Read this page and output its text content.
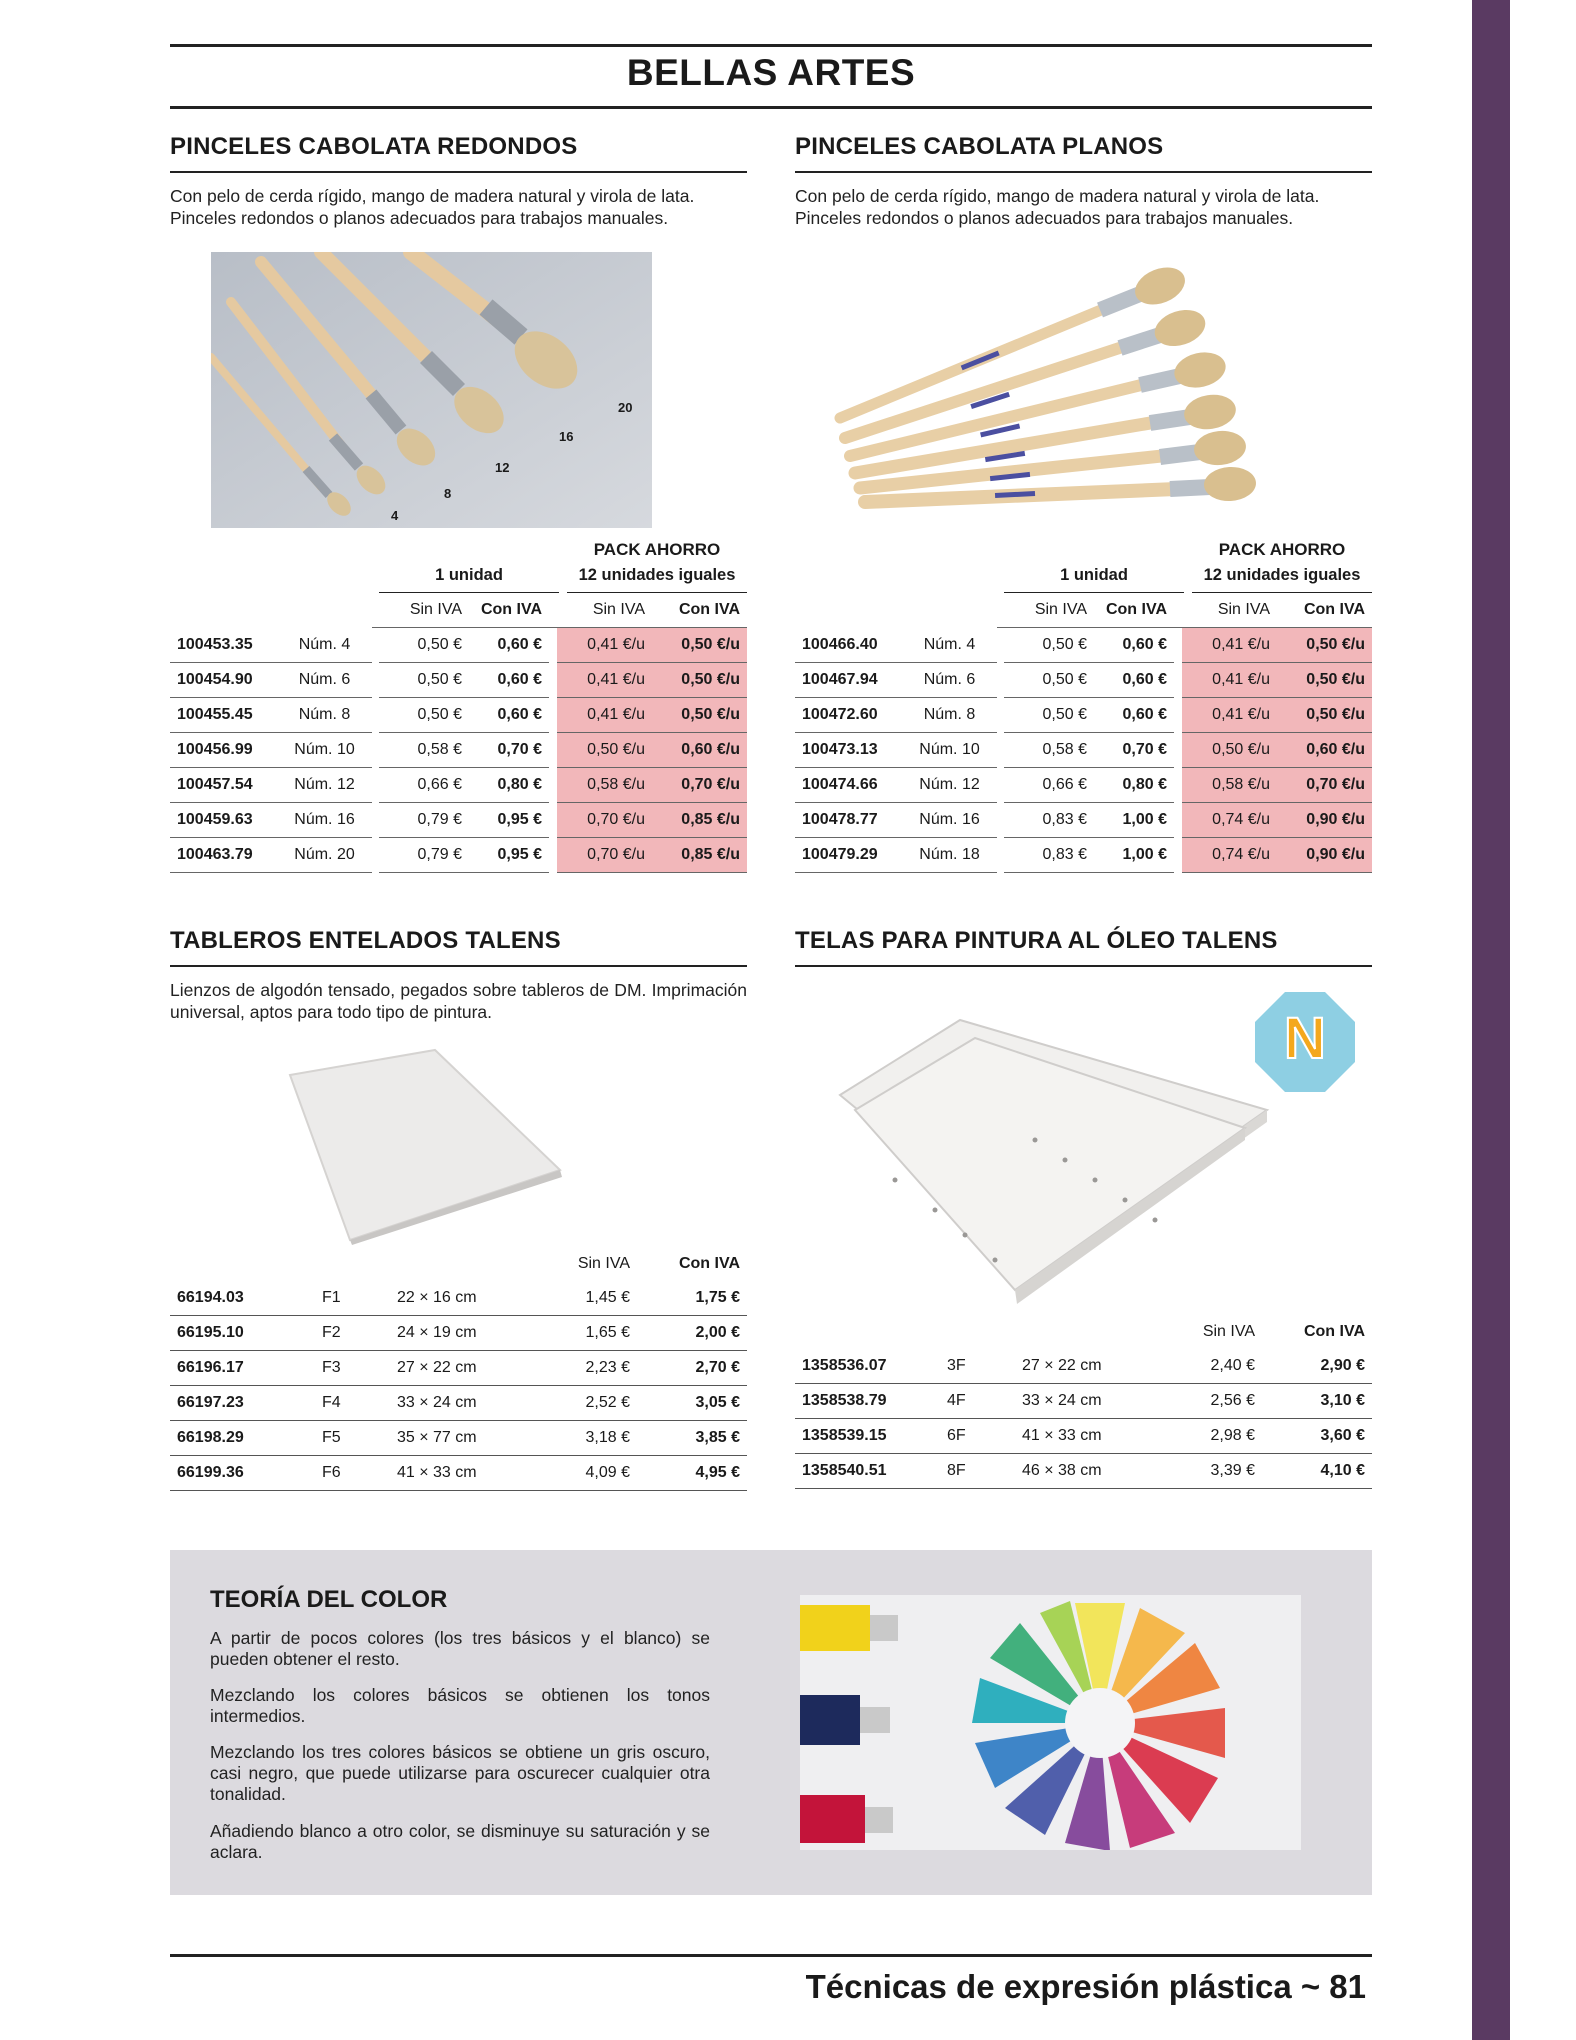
BELLAS ARTES
PINCELES CABOLATA REDONDOS
Con pelo de cerda rígido, mango de madera natural y virola de lata. Pinceles redondos o planos adecuados para trabajos manuales.
20
16
12
8
4
PACK AHORRO
1 unidad	12 unidades iguales
			Sin IVA	Con IVA		Sin IVA	Con IVA
100453.35	Núm. 4		0,50 €	0,60 €		0,41 €/u	0,50 €/u
100454.90	Núm. 6		0,50 €	0,60 €		0,41 €/u	0,50 €/u
100455.45	Núm. 8		0,50 €	0,60 €		0,41 €/u	0,50 €/u
100456.99	Núm. 10		0,58 €	0,70 €		0,50 €/u	0,60 €/u
100457.54	Núm. 12		0,66 €	0,80 €		0,58 €/u	0,70 €/u
100459.63	Núm. 16		0,79 €	0,95 €		0,70 €/u	0,85 €/u
100463.79	Núm. 20		0,79 €	0,95 €		0,70 €/u	0,85 €/u
PINCELES CABOLATA PLANOS
Con pelo de cerda rígido, mango de madera natural y virola de lata. Pinceles redondos o planos adecuados para trabajos manuales.
PACK AHORRO
1 unidad	12 unidades iguales
			Sin IVA	Con IVA		Sin IVA	Con IVA
100466.40	Núm. 4		0,50 €	0,60 €		0,41 €/u	0,50 €/u
100467.94	Núm. 6		0,50 €	0,60 €		0,41 €/u	0,50 €/u
100472.60	Núm. 8		0,50 €	0,60 €		0,41 €/u	0,50 €/u
100473.13	Núm. 10		0,58 €	0,70 €		0,50 €/u	0,60 €/u
100474.66	Núm. 12		0,66 €	0,80 €		0,58 €/u	0,70 €/u
100478.77	Núm. 16		0,83 €	1,00 €		0,74 €/u	0,90 €/u
100479.29	Núm. 18		0,83 €	1,00 €		0,74 €/u	0,90 €/u
TABLEROS ENTELADOS TALENS
Lienzos de algodón tensado, pegados sobre tableros de DM. Imprimación universal, aptos para todo tipo de pintura.
			Sin IVA	Con IVA
66194.03	F1	22 × 16 cm	1,45 €	1,75 €
66195.10	F2	24 × 19 cm	1,65 €	2,00 €
66196.17	F3	27 × 22 cm	2,23 €	2,70 €
66197.23	F4	33 × 24 cm	2,52 €	3,05 €
66198.29	F5	35 × 77 cm	3,18 €	3,85 €
66199.36	F6	41 × 33 cm	4,09 €	4,95 €
TELAS PARA PINTURA AL ÓLEO TALENS
N
			Sin IVA	Con IVA
1358536.07	3F	27 × 22 cm	2,40 €	2,90 €
1358538.79	4F	33 × 24 cm	2,56 €	3,10 €
1358539.15	6F	41 × 33 cm	2,98 €	3,60 €
1358540.51	8F	46 × 38 cm	3,39 €	4,10 €
TEORÍA DEL COLOR
A partir de pocos colores (los tres básicos y el blanco) se pueden obtener el resto.
Mezclando los colores básicos se obtienen los tonos intermedios.
Mezclando los tres colores básicos se obtiene un gris oscuro, casi negro, que puede utilizarse para oscurecer cualquier otra tonalidad.
Añadiendo blanco a otro color, se disminuye su saturación y se aclara.
Técnicas de expresión plástica ~ 81
